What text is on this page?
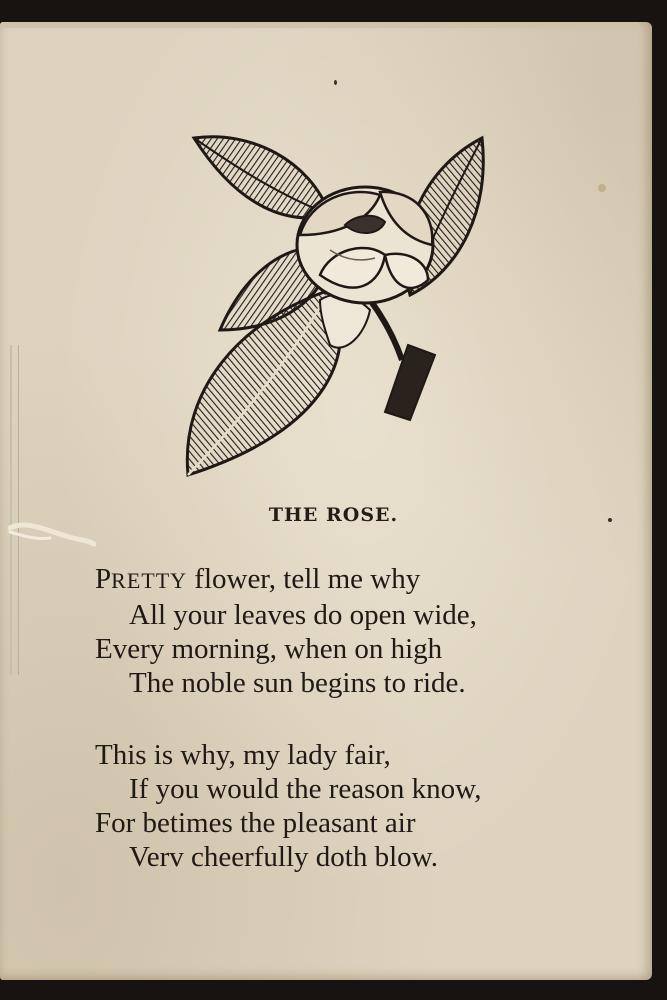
THE ROSE.
PRETTY flower, tell me why
All your leaves do open wide,
Every morning, when on high
The noble sun begins to ride.
This is why, my lady fair,
If you would the reason know,
For betimes the pleasant air
Verv cheerfully doth blow.
